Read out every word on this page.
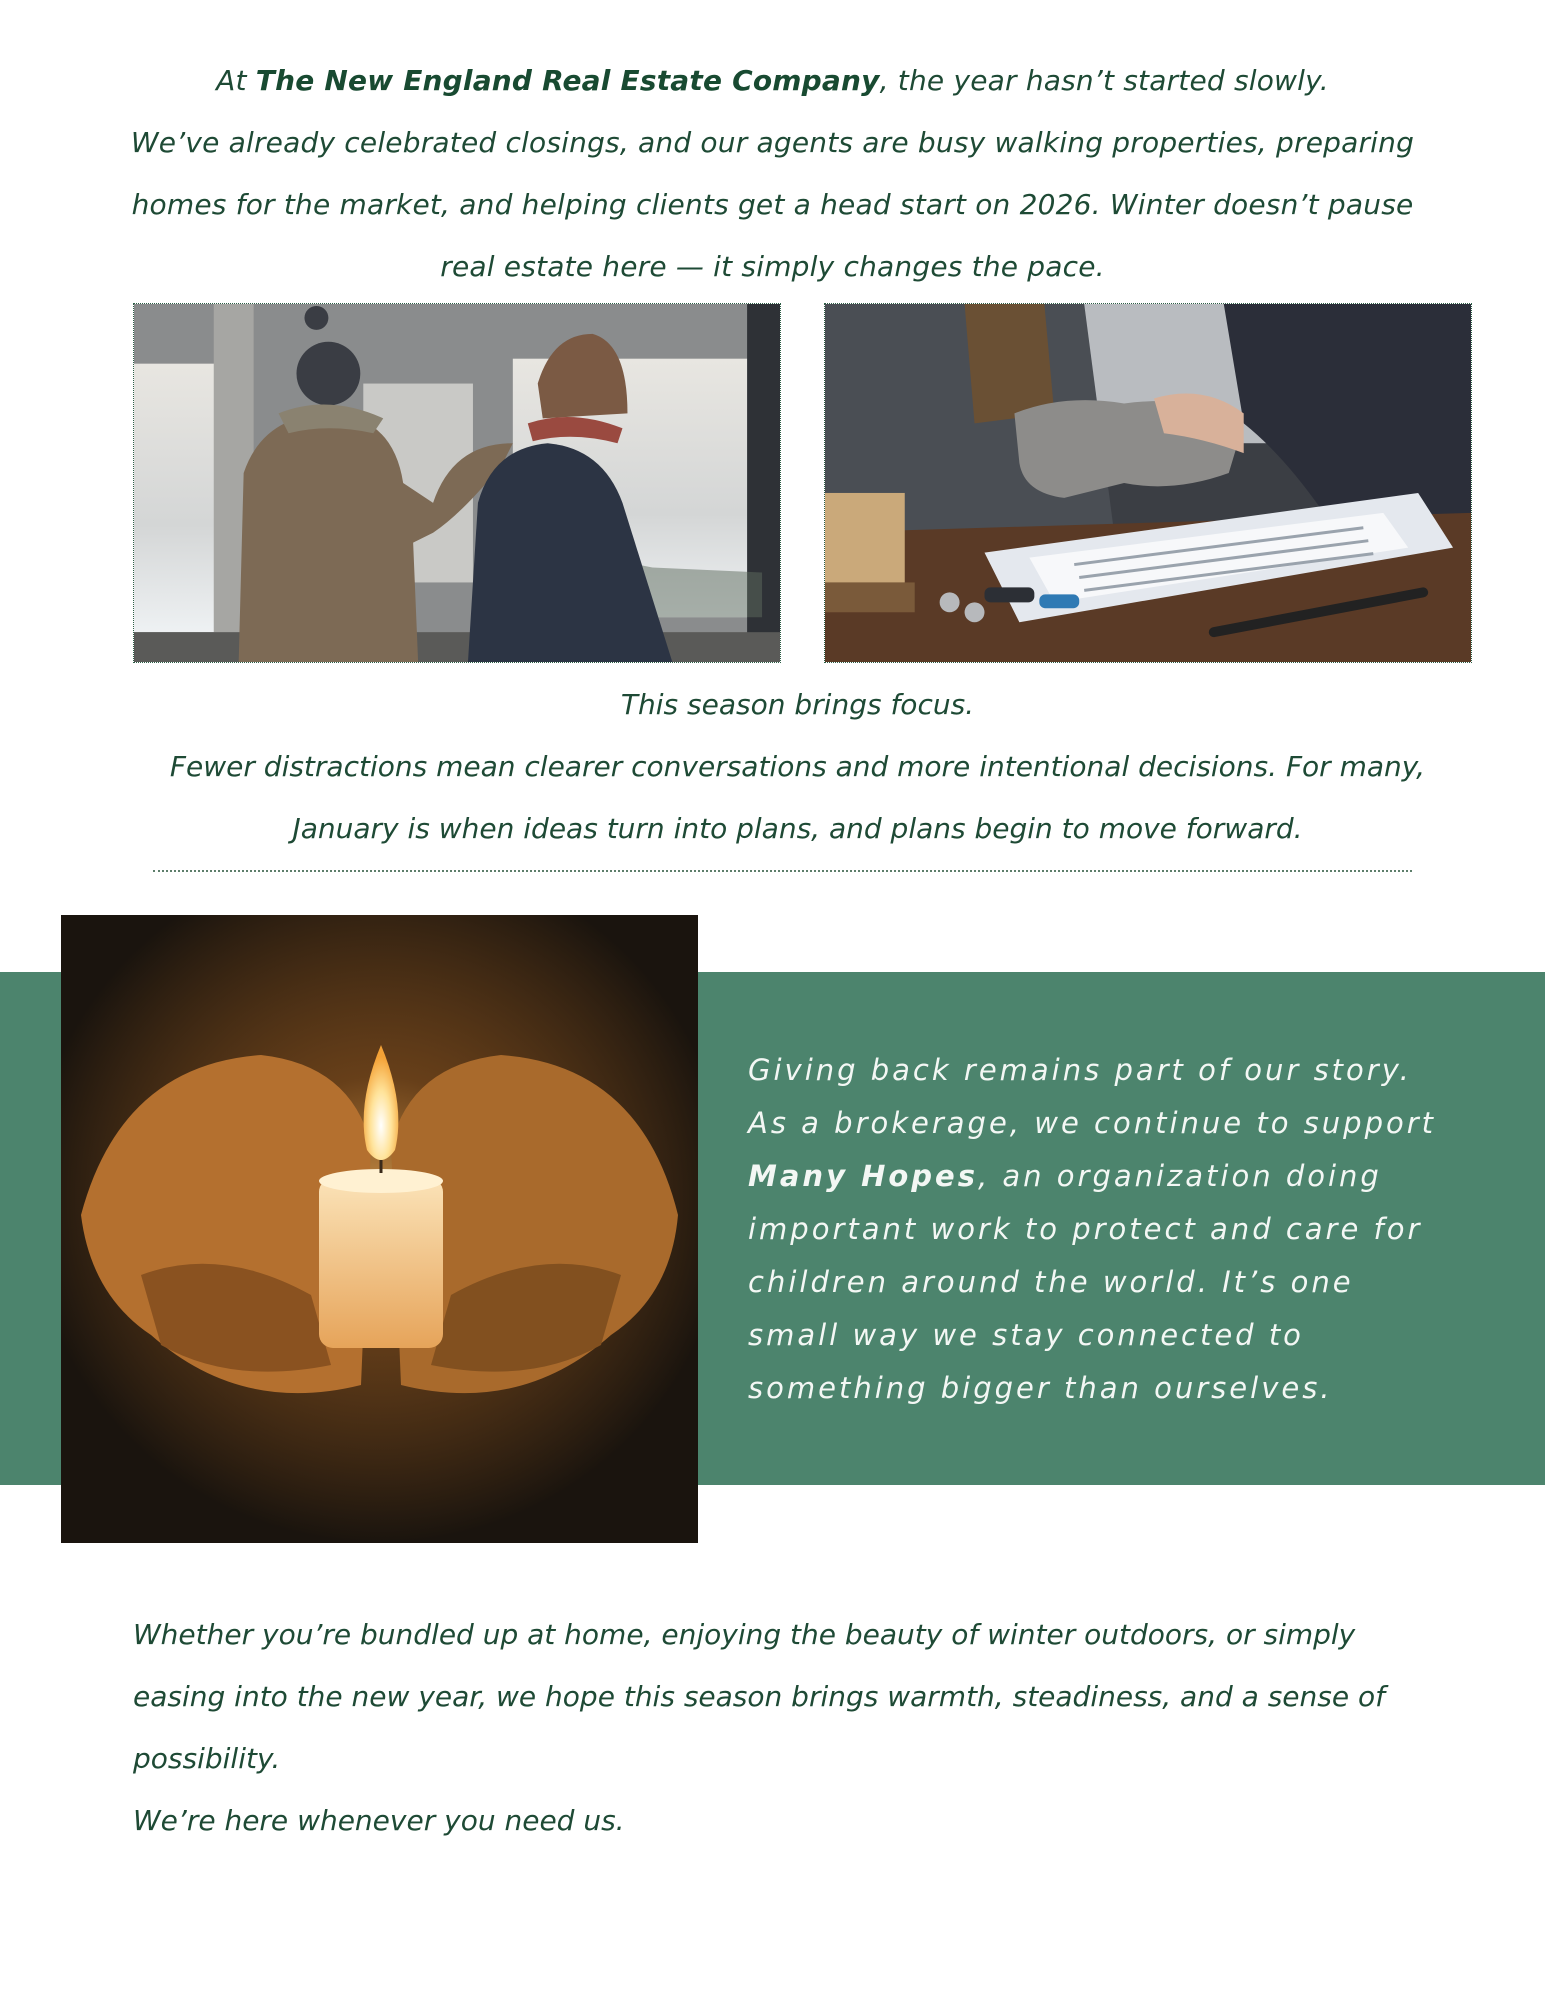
At The New England Real Estate Company, the year hasn’t started slowly.

We’ve already celebrated closings, and our agents are busy walking properties, preparing homes for the market, and helping clients get a head start on 2026. Winter doesn’t pause real estate here — it simply changes the pace.

This season brings focus.

Fewer distractions mean clearer conversations and more intentional decisions. For many, January is when ideas turn into plans, and plans begin to move forward.

Giving back remains part of our story.

As a brokerage, we continue to support Many Hopes, an organization doing important work to protect and care for children around the world. It’s one small way we stay connected to something bigger than ourselves.

Whether you’re bundled up at home, enjoying the beauty of winter outdoors, or simply easing into the new year, we hope this season brings warmth, steadiness, and a sense of possibility.

We’re here whenever you need us.
